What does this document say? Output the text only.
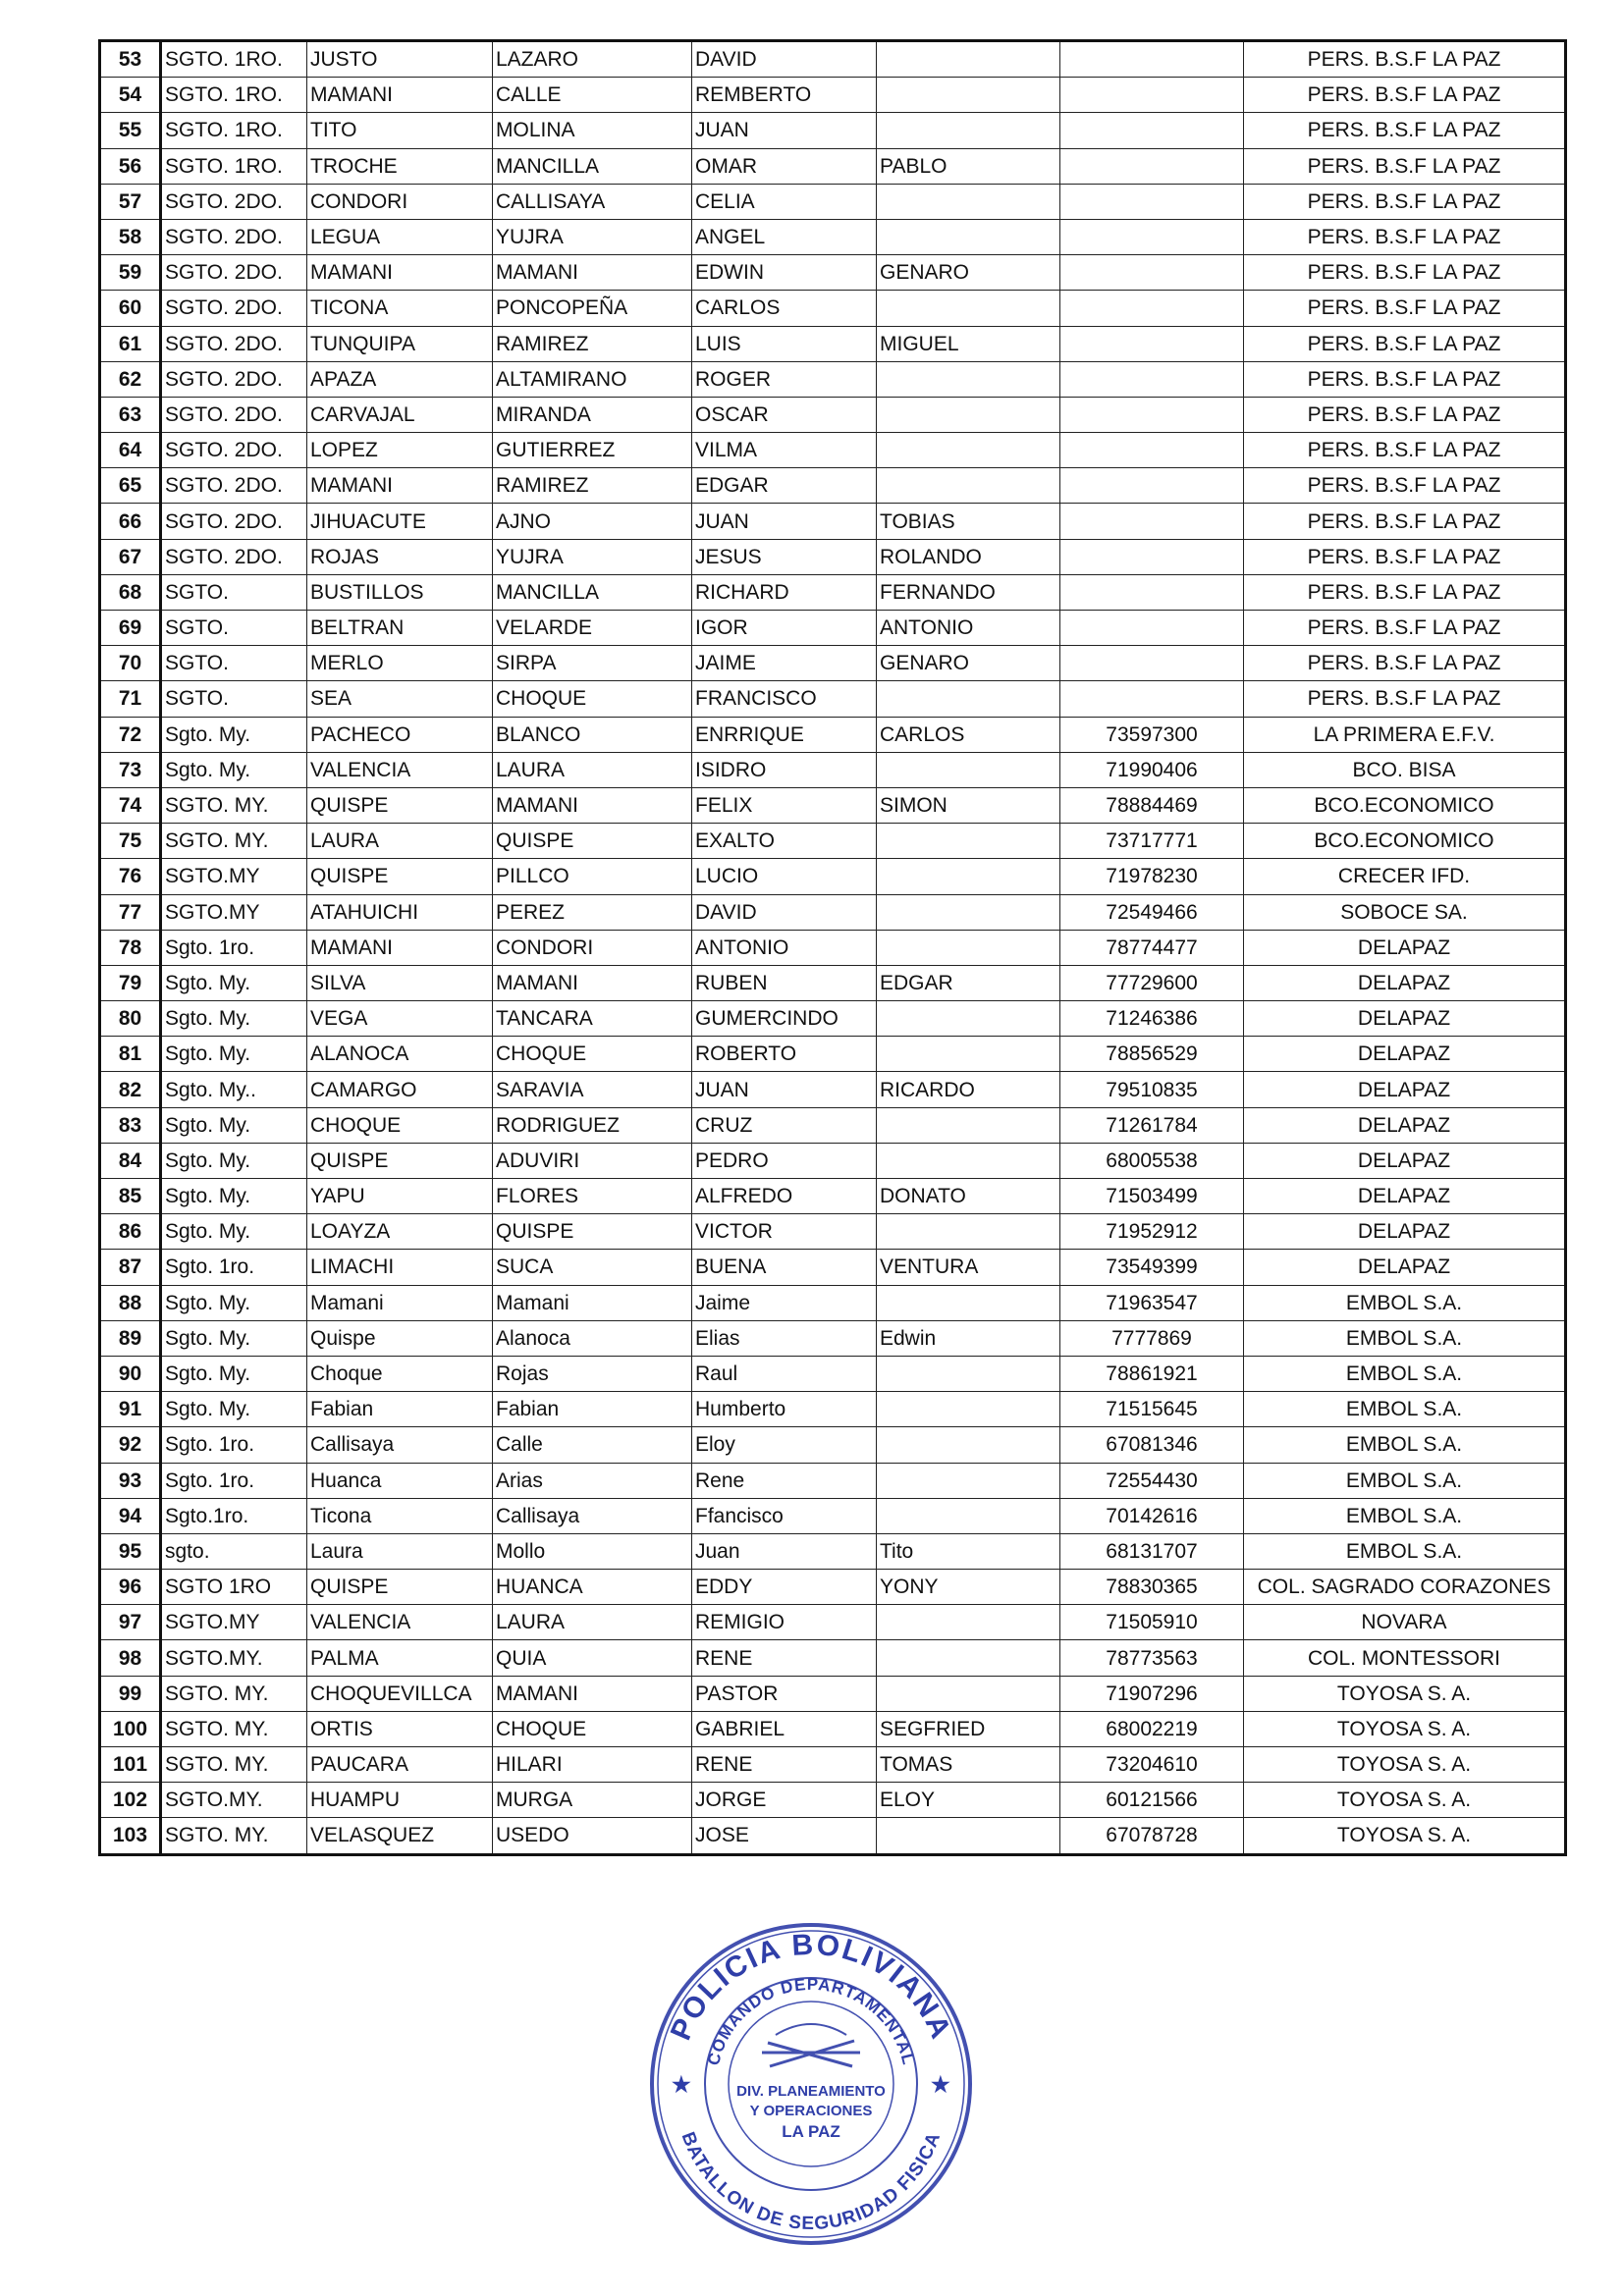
53	SGTO. 1RO.	JUSTO	LAZARO	DAVID			PERS. B.S.F LA PAZ
54	SGTO. 1RO.	MAMANI	CALLE	REMBERTO			PERS. B.S.F LA PAZ
55	SGTO. 1RO.	TITO	MOLINA	JUAN			PERS. B.S.F LA PAZ
56	SGTO. 1RO.	TROCHE	MANCILLA	OMAR	PABLO		PERS. B.S.F LA PAZ
57	SGTO. 2DO.	CONDORI	CALLISAYA	CELIA			PERS. B.S.F LA PAZ
58	SGTO. 2DO.	LEGUA	YUJRA	ANGEL			PERS. B.S.F LA PAZ
59	SGTO. 2DO.	MAMANI	MAMANI	EDWIN	GENARO		PERS. B.S.F LA PAZ
60	SGTO. 2DO.	TICONA	PONCOPEÑA	CARLOS			PERS. B.S.F LA PAZ
61	SGTO. 2DO.	TUNQUIPA	RAMIREZ	LUIS	MIGUEL		PERS. B.S.F LA PAZ
62	SGTO. 2DO.	APAZA	ALTAMIRANO	ROGER			PERS. B.S.F LA PAZ
63	SGTO. 2DO.	CARVAJAL	MIRANDA	OSCAR			PERS. B.S.F LA PAZ
64	SGTO. 2DO.	LOPEZ	GUTIERREZ	VILMA			PERS. B.S.F LA PAZ
65	SGTO. 2DO.	MAMANI	RAMIREZ	EDGAR			PERS. B.S.F LA PAZ
66	SGTO. 2DO.	JIHUACUTE	AJNO	JUAN	TOBIAS		PERS. B.S.F LA PAZ
67	SGTO. 2DO.	ROJAS	YUJRA	JESUS	ROLANDO		PERS. B.S.F LA PAZ
68	SGTO.	BUSTILLOS	MANCILLA	RICHARD	FERNANDO		PERS. B.S.F LA PAZ
69	SGTO.	BELTRAN	VELARDE	IGOR	ANTONIO		PERS. B.S.F LA PAZ
70	SGTO.	MERLO	SIRPA	JAIME	GENARO		PERS. B.S.F LA PAZ
71	SGTO.	SEA	CHOQUE	FRANCISCO			PERS. B.S.F LA PAZ
72	Sgto. My.	PACHECO	BLANCO	ENRRIQUE	CARLOS	73597300	LA PRIMERA E.F.V.
73	Sgto. My.	VALENCIA	LAURA	ISIDRO		71990406	BCO. BISA
74	SGTO. MY.	QUISPE	MAMANI	FELIX	SIMON	78884469	BCO.ECONOMICO
75	SGTO. MY.	LAURA	QUISPE	EXALTO		73717771	BCO.ECONOMICO
76	SGTO.MY	QUISPE	PILLCO	LUCIO		71978230	CRECER IFD.
77	SGTO.MY	ATAHUICHI	PEREZ	DAVID		72549466	SOBOCE SA.
78	Sgto. 1ro.	MAMANI	CONDORI	ANTONIO		78774477	DELAPAZ
79	Sgto. My.	SILVA	MAMANI	RUBEN	EDGAR	77729600	DELAPAZ
80	Sgto. My.	VEGA	TANCARA	GUMERCINDO		71246386	DELAPAZ
81	Sgto. My.	ALANOCA	CHOQUE	ROBERTO		78856529	DELAPAZ
82	Sgto. My..	CAMARGO	SARAVIA	JUAN	RICARDO	79510835	DELAPAZ
83	Sgto. My.	CHOQUE	RODRIGUEZ	CRUZ		71261784	DELAPAZ
84	Sgto. My.	QUISPE	ADUVIRI	PEDRO		68005538	DELAPAZ
85	Sgto. My.	YAPU	FLORES	ALFREDO	DONATO	71503499	DELAPAZ
86	Sgto. My.	LOAYZA	QUISPE	VICTOR		71952912	DELAPAZ
87	Sgto. 1ro.	LIMACHI	SUCA	BUENA	VENTURA	73549399	DELAPAZ
88	Sgto. My.	Mamani	Mamani	Jaime		71963547	EMBOL S.A.
89	Sgto. My.	Quispe	Alanoca	Elias	Edwin	7777869	EMBOL S.A.
90	Sgto. My.	Choque	Rojas	Raul		78861921	EMBOL S.A.
91	Sgto. My.	Fabian	Fabian	Humberto		71515645	EMBOL S.A.
92	Sgto. 1ro.	Callisaya	Calle	Eloy		67081346	EMBOL S.A.
93	Sgto. 1ro.	Huanca	Arias	Rene		72554430	EMBOL S.A.
94	Sgto.1ro.	Ticona	Callisaya	Ffancisco		70142616	EMBOL S.A.
95	sgto.	Laura	Mollo	Juan	Tito	68131707	EMBOL S.A.
96	SGTO 1RO	QUISPE	HUANCA	EDDY	YONY	78830365	COL. SAGRADO CORAZONES
97	SGTO.MY	VALENCIA	LAURA	REMIGIO		71505910	NOVARA
98	SGTO.MY.	PALMA	QUIA	RENE		78773563	COL. MONTESSORI
99	SGTO. MY.	CHOQUEVILLCA	MAMANI	PASTOR		71907296	TOYOSA S. A.
100	SGTO. MY.	ORTIS	CHOQUE	GABRIEL	SEGFRIED	68002219	TOYOSA S. A.
101	SGTO. MY.	PAUCARA	HILARI	RENE	TOMAS	73204610	TOYOSA S. A.
102	SGTO.MY.	HUAMPU	MURGA	JORGE	ELOY	60121566	TOYOSA S. A.
103	SGTO. MY.	VELASQUEZ	USEDO	JOSE		67078728	TOYOSA S. A.
POLICIA BOLIVIANA
COMANDO DEPARTAMENTAL
BATALLON DE SEGURIDAD FISICA
DIV. PLANEAMIENTO
Y OPERACIONES
LA PAZ
★	★
